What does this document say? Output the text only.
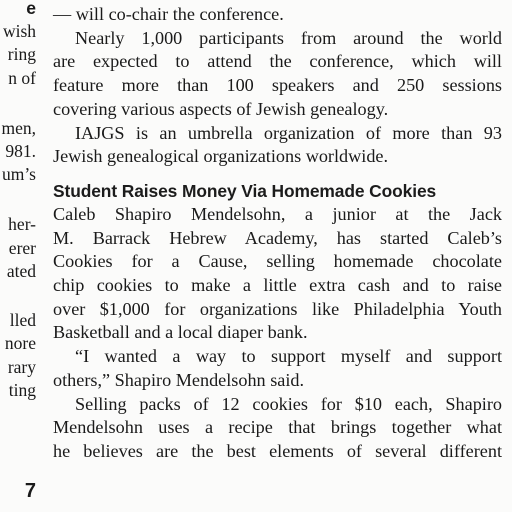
e
wish
ring
n of
men,
981.
um’s
her-
erer
ated
lled
nore
rary
ting
7
— will co-chair the conference.
Nearly 1,000 participants from around the world
are expected to attend the conference, which will
feature more than 100 speakers and 250 sessions
covering various aspects of Jewish genealogy.
IAJGS is an umbrella organization of more than 93
Jewish genealogical organizations worldwide.
Student Raises Money Via Homemade Cookies
Caleb Shapiro Mendelsohn, a junior at the Jack
M. Barrack Hebrew Academy, has started Caleb’s
Cookies for a Cause, selling homemade chocolate
chip cookies to make a little extra cash and to raise
over $1,000 for organizations like Philadelphia Youth
Basketball and a local diaper bank.
“I wanted a way to support myself and support
others,” Shapiro Mendelsohn said.
Selling packs of 12 cookies for $10 each, Shapiro
Mendelsohn uses a recipe that brings together what
he believes are the best elements of several different
